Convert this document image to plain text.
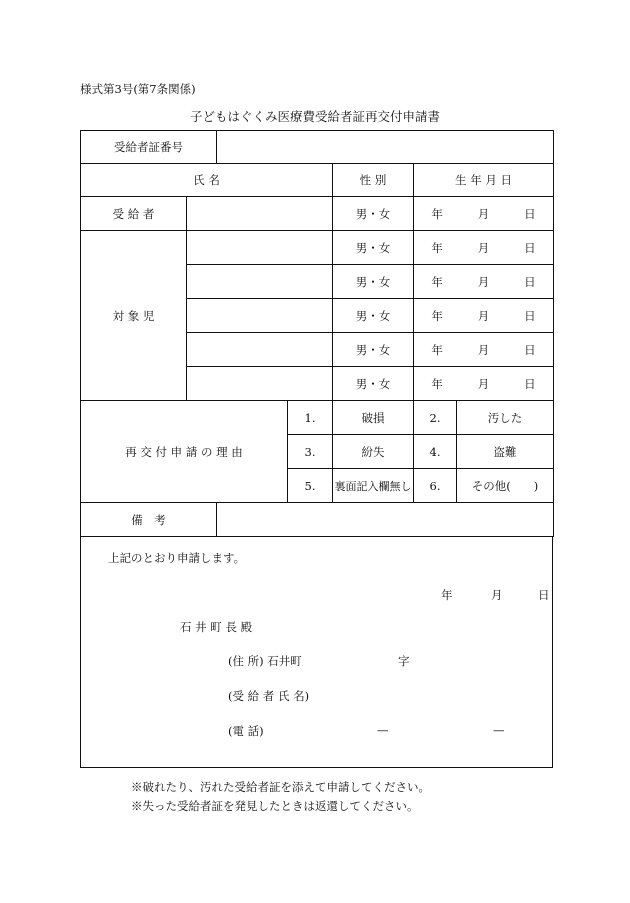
様式第3号(第7条関係)
子どもはぐくみ医療費受給者証再交付申請書
受給者証番号						
氏 名				性 別	生 年 月 日	
受 給 者				男・女	年 月 日	

対 象 児				男・女	年 月 日	

				男・女	年 月 日	

				男・女	年 月 日	

				男・女	年 月 日	

				男・女	年 月 日	

再 交 付 申 請 の 理 由			1.	破損	2.	汚した
			3.	紛失	4.	盗難
			5.	裏面記入欄無し	6.	その他(　　)
備　考						
上記のとおり申請します。
年	月	日
石 井 町 長 殿
(住 所) 石井町	字
(受 給 者 氏 名)
(電 話)	—	—
※破れたり、汚れた受給者証を添えて申請してください。
※失った受給者証を発見したときは返還してください。
